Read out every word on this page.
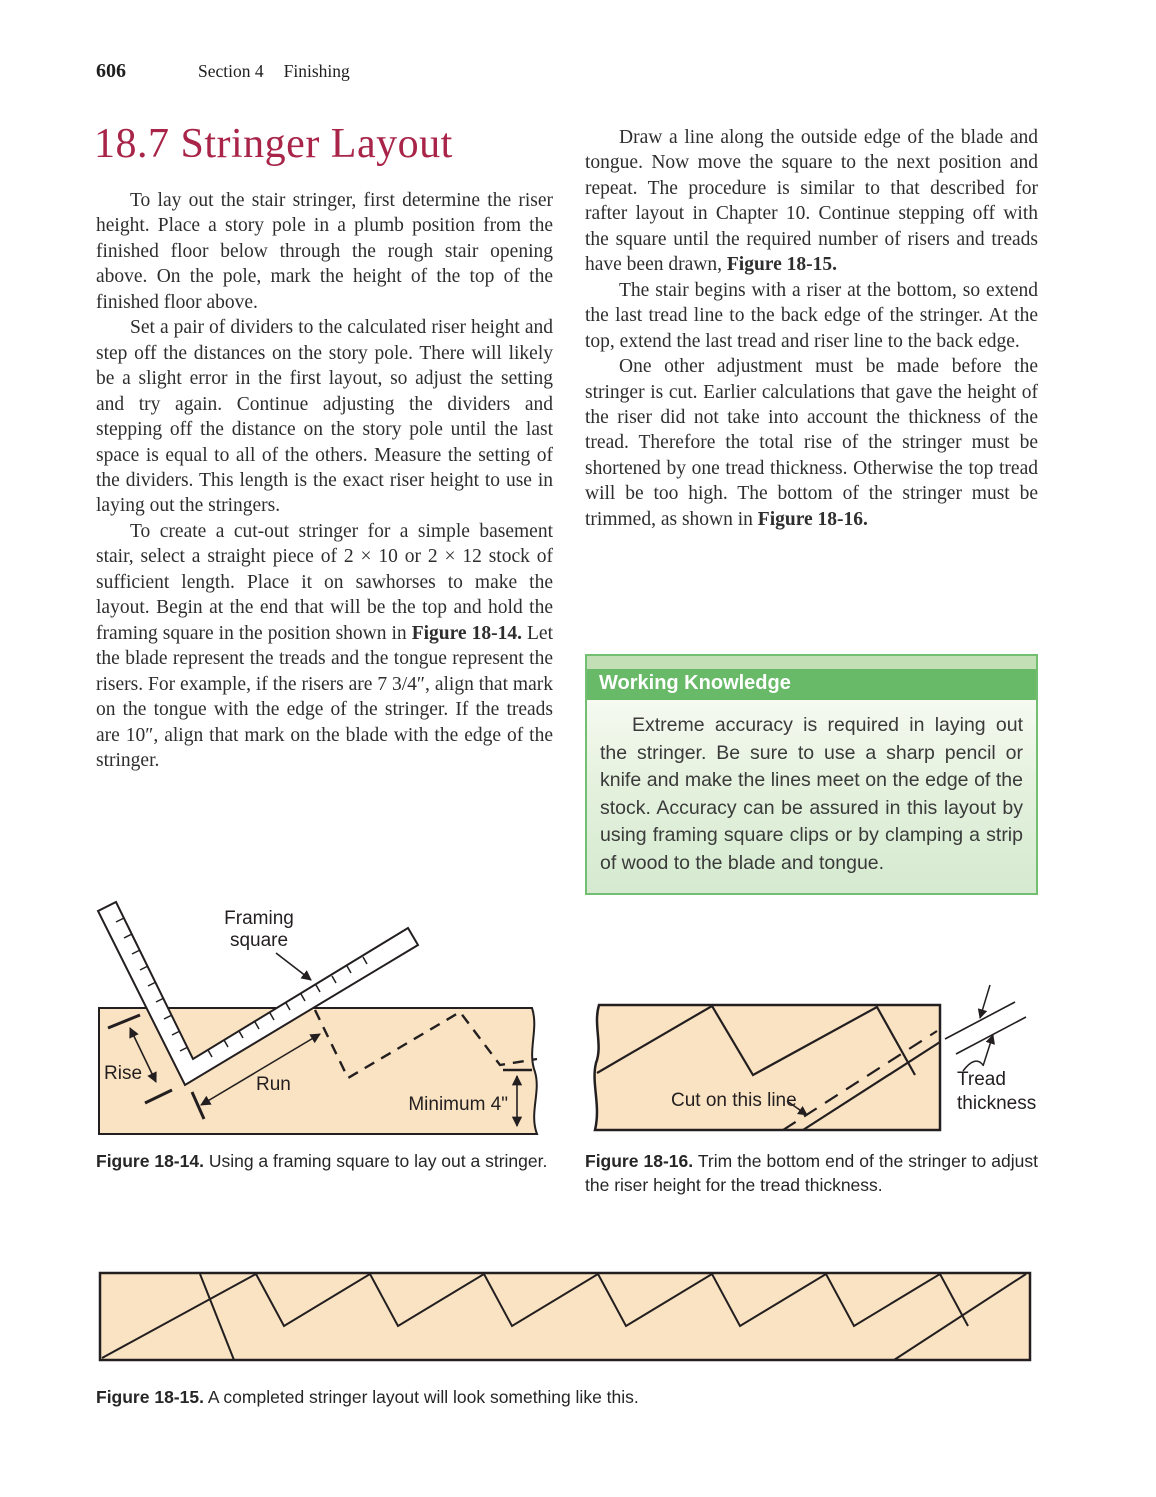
606	Section 4 Finishing
18.7 Stringer Layout

To lay out the stair stringer, first determine the riser height. Place a story pole in a plumb position from the finished floor below through the rough stair opening above. On the pole, mark the height of the top of the finished floor above.

Set a pair of dividers to the calculated riser height and step off the distances on the story pole. There will likely be a slight error in the first layout, so adjust the setting and try again. Continue adjusting the dividers and stepping off the distance on the story pole until the last space is equal to all of the others. Measure the setting of the dividers. This length is the exact riser height to use in laying out the stringers.

To create a cut-out stringer for a simple basement stair, select a straight piece of 2 × 10 or 2 × 12 stock of sufficient length. Place it on sawhorses to make the layout. Begin at the end that will be the top and hold the framing square in the position shown in Figure 18-14. Let the blade represent the treads and the tongue represent the risers. For example, if the risers are 7 3/4″, align that mark on the tongue with the edge of the stringer. If the treads are 10″, align that mark on the blade with the edge of the stringer.

Draw a line along the outside edge of the blade and tongue. Now move the square to the next position and repeat. The procedure is similar to that described for rafter layout in Chapter 10. Continue stepping off with the square until the required number of risers and treads have been drawn, Figure 18-15.

The stair begins with a riser at the bottom, so extend the last tread line to the back edge of the stringer. At the top, extend the last tread and riser line to the back edge.

One other adjustment must be made before the stringer is cut. Earlier calculations that gave the height of the riser did not take into account the thickness of the tread. Therefore the total rise of the stringer must be shortened by one tread thickness. Otherwise the top tread will be too high. The bottom of the stringer must be trimmed, as shown in Figure 18-16.

Working Knowledge
Extreme accuracy is required in laying out the stringer. Be sure to use a sharp pencil or knife and make the lines meet on the edge of the stock. Accuracy can be assured in this layout by using framing square clips or by clamping a strip of wood to the blade and tongue.
Framing
square
Rise
Run
Minimum 4"
Figure 18-14. Using a framing square to lay out a stringer.
Cut on this line
Tread
thickness
Figure 18-16. Trim the bottom end of the stringer to adjust the riser height for the tread thickness.
Figure 18-15. A completed stringer layout will look something like this.
